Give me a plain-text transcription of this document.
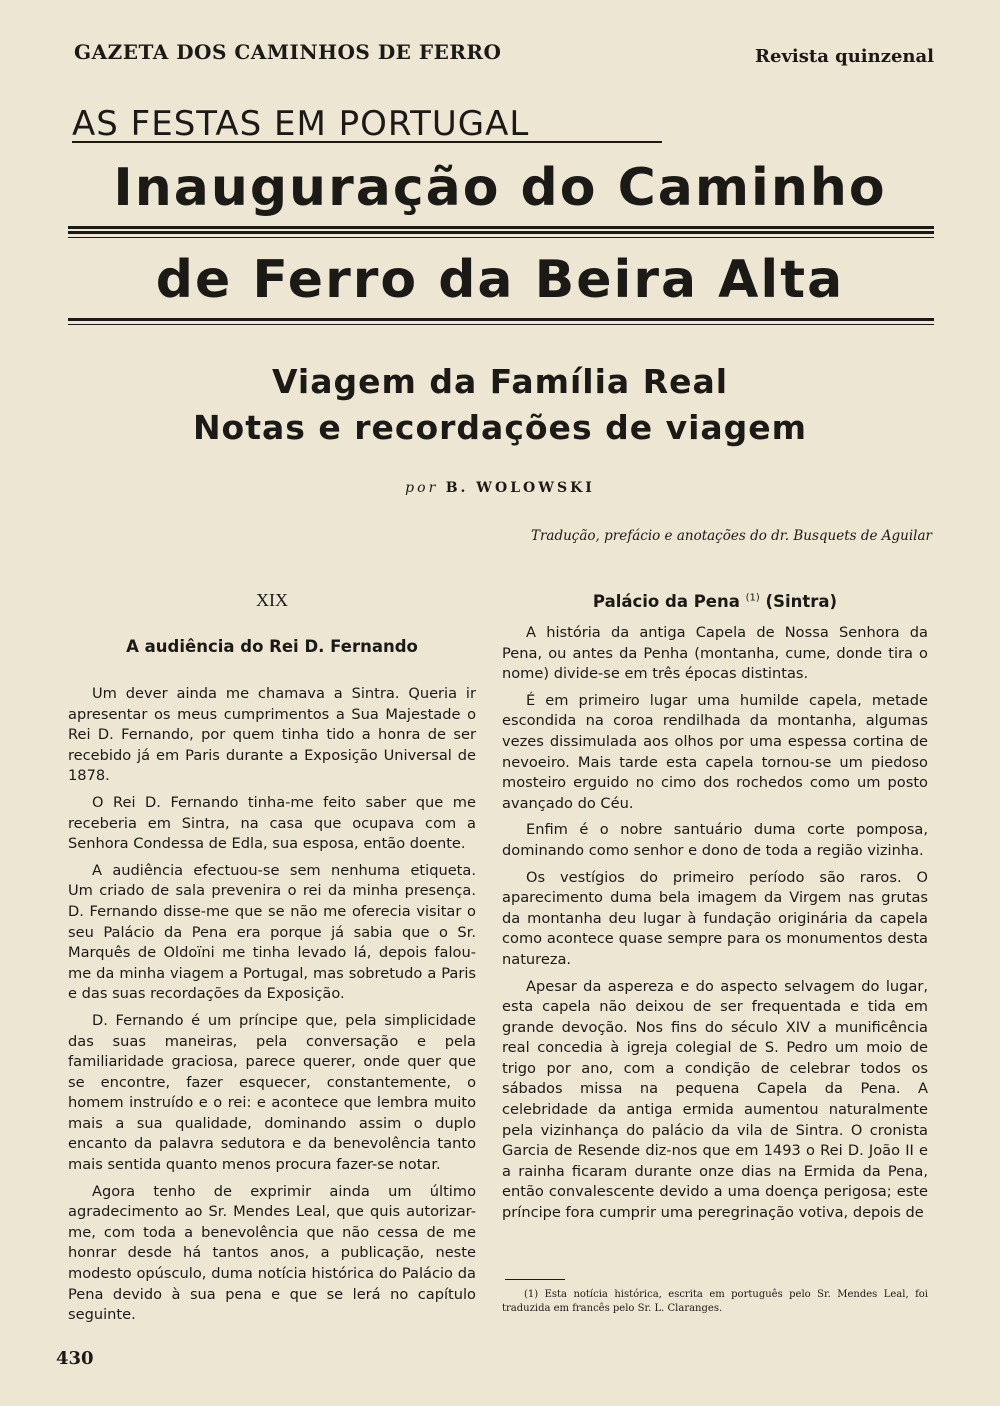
GAZETA DOS CAMINHOS DE FERRO	Revista quinzenal
AS FESTAS EM PORTUGAL
Inauguração do Caminho
de Ferro da Beira Alta
Viagem da Família Real
Notas e recordações de viagem
por B. WOLOWSKI
Tradução, prefácio e anotações do dr. Busquets de Aguilar
XIX
A audiência do Rei D. Fernando

Um dever ainda me chamava a Sintra. Queria ir apresentar os meus cumprimentos a Sua Majestade o Rei D. Fernando, por quem tinha tido a honra de ser recebido já em Paris durante a Exposição Universal de 1878.

O Rei D. Fernando tinha-me feito saber que me receberia em Sintra, na casa que ocupava com a Senhora Condessa de Edla, sua esposa, então doente.

A audiência efectuou-se sem nenhuma etiqueta. Um criado de sala prevenira o rei da minha presença. D. Fernando disse-me que se não me oferecia visitar o seu Palácio da Pena era porque já sabia que o Sr. Marquês de Oldoïni me tinha levado lá, depois falou-me da minha viagem a Portugal, mas sobretudo a Paris e das suas recordações da Exposição.

D. Fernando é um príncipe que, pela simplicidade das suas maneiras, pela conversação e pela familiaridade graciosa, parece querer, onde quer que se encontre, fazer esquecer, constantemente, o homem instruído e o rei: e acontece que lembra muito mais a sua qualidade, dominando assim o duplo encanto da palavra sedutora e da benevolência tanto mais sentida quanto menos procura fazer-se notar.

Agora tenho de exprimir ainda um último agradecimento ao Sr. Mendes Leal, que quis autorizar-me, com toda a benevolência que não cessa de me honrar desde há tantos anos, a publicação, neste modesto opúsculo, duma notícia histórica do Palácio da Pena devido à sua pena e que se lerá no capítulo seguinte.

Palácio da Pena $^{(1)}$ (Sintra)

A história da antiga Capela de Nossa Senhora da Pena, ou antes da Penha (montanha, cume, donde tira o nome) divide-se em três épocas distintas.

É em primeiro lugar uma humilde capela, metade escondida na coroa rendilhada da montanha, algumas vezes dissimulada aos olhos por uma espessa cortina de nevoeiro. Mais tarde esta capela tornou-se um piedoso mosteiro erguido no cimo dos rochedos como um posto avançado do Céu.

Enfim é o nobre santuário duma corte pomposa, dominando como senhor e dono de toda a região vizinha.

Os vestígios do primeiro período são raros. O aparecimento duma bela imagem da Virgem nas grutas da montanha deu lugar à fundação originária da capela como acontece quase sempre para os monumentos desta natureza.

Apesar da aspereza e do aspecto selvagem do lugar, esta capela não deixou de ser frequentada e tida em grande devoção. Nos fins do século XIV a munificência real concedia à igreja colegial de S. Pedro um moio de trigo por ano, com a condição de celebrar todos os sábados missa na pequena Capela da Pena. A celebridade da antiga ermida aumentou naturalmente pela vizinhança do palácio da vila de Sintra. O cronista Garcia de Resende diz-nos que em 1493 o Rei D. João II e a rainha ficaram durante onze dias na Ermida da Pena, então convalescente devido a uma doença perigosa; este príncipe fora cumprir uma peregrinação votiva, depois de

(1) Esta notícia histórica, escrita em português pelo Sr. Mendes Leal, foi traduzida em francês pelo Sr. L. Claranges.
430
